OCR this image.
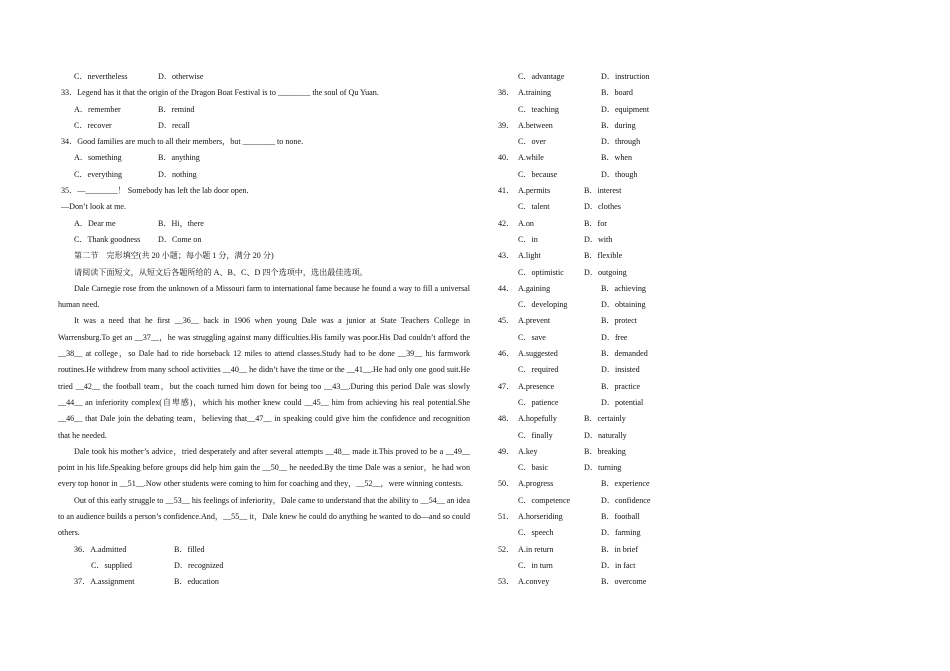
C．nevertheless	D．otherwise
33．Legend has it that the origin of the Dragon Boat Festival is to ________ the soul of Qu Yuan.
A．remember	B．remind
C．recover	D．recall
34．Good families are much to all their members，but ________ to none.
A．something	B．anything
C．everything	D．nothing
35．—________！ Somebody has left the lab door open.
—Don’t look at me.
A．Dear me	B．Hi，there
C．Thank goodness D．Come on
第二节　完形填空(共 20 小题；每小题 1 分，满分 20 分)
请阅读下面短文，从短文后各题所给的 A、B、C、D 四个选项中，选出最佳选项。

Dale Carnegie rose from the unknown of a Missouri farm to international fame because he found a way to fill a universal human need.

It was a need that he first __36__ back in 1906 when young Dale was a junior at State Teachers College in Warrensburg.To get an __37__，he was struggling against many difficulties.His family was poor.His Dad couldn’t afford the __38__ at college，so Dale had to ride horseback 12 miles to attend classes.Study had to be done __39__ his farmwork routines.He withdrew from many school activities __40__ he didn’t have the time or the __41__.He had only one good suit.He tried __42__ the football team，but the coach turned him down for being too __43__.During this period Dale was slowly __44__ an inferiority complex(自卑感)，which his mother knew could __45__ him from achieving his real potential.She __46__ that Dale join the debating team，believing that__47__ in speaking could give him the confidence and recognition that he needed.

Dale took his mother’s advice，tried desperately and after several attempts __48__ made it.This proved to be a __49__ point in his life.Speaking before groups did help him gain the __50__ he needed.By the time Dale was a senior，he had won every top honor in __51__.Now other students were coming to him for coaching and they，__52__，were winning contests.

Out of this early struggle to __53__ his feelings of inferiority，Dale came to understand that the ability to __54__ an idea to an audience builds a person’s confidence.And，__55__ it，Dale knew he could do anything he wanted to do—and so could others.

36．A.admitted	B．filled
C．supplied	D．recognized
37．A.assignment	B．education
C．advantage	D．instruction
38． A.training	B．board
C．teaching	D．equipment
39． A.between	B．during
C．over	D．through
40． A.while	B．when
C．because	D．though
41． A.permits	B．interest
C．talent	D．clothes
42． A.on	B．for
C．in	D．with
43． A.light	B．flexible
C．optimistic D．outgoing
44． A.gaining	B．achieving
C．developing	D．obtaining
45． A.prevent	B．protect
C．save	D．free
46． A.suggested	B．demanded
C．required	D．insisted
47． A.presence	B．practice
C．patience	D．potential
48． A.hopefully	B．certainly
C．finally	D．naturally
49． A.key	B．breaking
C．basic	D．turning
50． A.progress	B．experience
C．competence	D．confidence
51． A.horseriding	B．football
C．speech	D．farming
52． A.in return	B．in brief
C．in turn	D．in fact
53． A.convey	B．overcome
